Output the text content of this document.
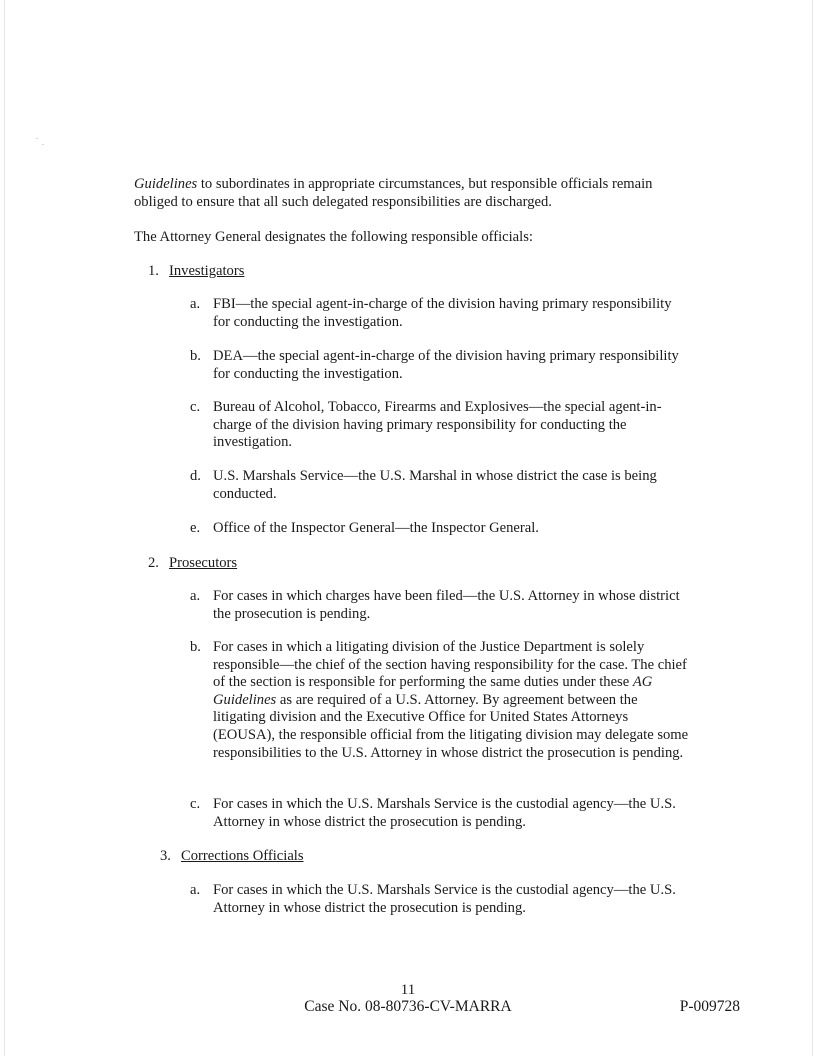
Guidelines to subordinates in appropriate circumstances, but responsible officials remain obliged to ensure that all such delegated responsibilities are discharged.

The Attorney General designates the following responsible officials:

1. Investigators

a. FBI—the special agent-in-charge of the division having primary responsibility for conducting the investigation.
b. DEA—the special agent-in-charge of the division having primary responsibility for conducting the investigation.
c. Bureau of Alcohol, Tobacco, Firearms and Explosives—the special agent-in-charge of the division having primary responsibility for conducting the investigation.
d. U.S. Marshals Service—the U.S. Marshal in whose district the case is being conducted.
e. Office of the Inspector General—the Inspector General.

2. Prosecutors

a. For cases in which charges have been filed—the U.S. Attorney in whose district the prosecution is pending.
b. For cases in which a litigating division of the Justice Department is solely responsible—the chief of the section having responsibility for the case. The chief of the section is responsible for performing the same duties under these AG Guidelines as are required of a U.S. Attorney. By agreement between the litigating division and the Executive Office for United States Attorneys (EOUSA), the responsible official from the litigating division may delegate some responsibilities to the U.S. Attorney in whose district the prosecution is pending.
c. For cases in which the U.S. Marshals Service is the custodial agency—the U.S. Attorney in whose district the prosecution is pending.

3. Corrections Officials

a. For cases in which the U.S. Marshals Service is the custodial agency—the U.S. Attorney in whose district the prosecution is pending.
11
Case No. 08-80736-CV-MARRA	P-009728
